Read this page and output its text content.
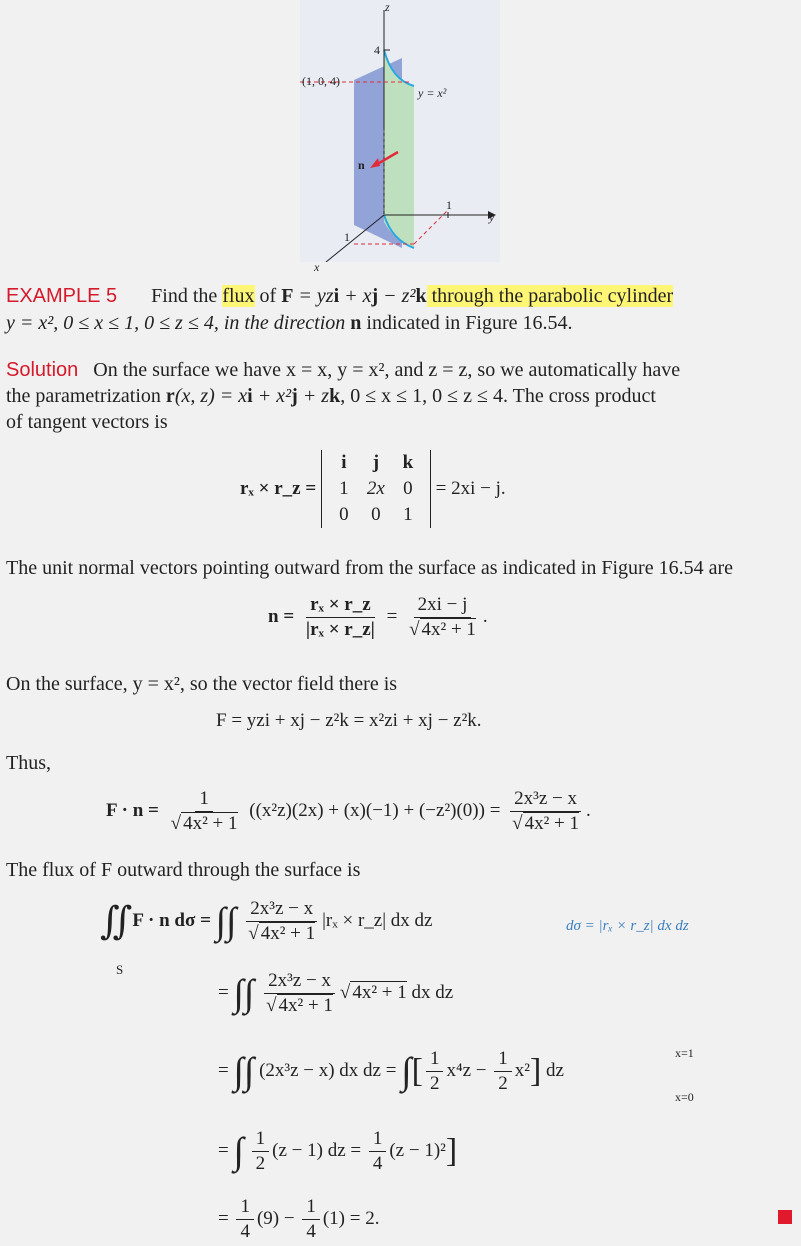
z
4
(1, 0, 4)
y = x²
n
1
1
y
x
EXAMPLE 5 Find the flux of F = yzi + xj − z²k through the parabolic cylinder
y = x², 0 ≤ x ≤ 1, 0 ≤ z ≤ 4, in the direction n indicated in Figure 16.54.
Solution On the surface we have x = x, y = x², and z = z, so we automatically have
the parametrization r(x, z) = xi + x²j + zk, 0 ≤ x ≤ 1, 0 ≤ z ≤ 4. The cross product
of tangent vectors is
rₓ × r_z =
i	j	k
1	2x	0
0	0	1
= 2xi − j.
The unit normal vectors pointing outward from the surface as indicated in Figure 16.54 are
$n = \frac{\text{rₓ × r\_z}}{\text{|rₓ × r\_z|}} = \frac{2xi - j}{\text{√ 4x² + 1}}$ .
On the surface, y = x², so the vector field there is
F = yzi + xj − z²k = x²zi + xj − z²k.
Thus,
$F \cdot n = \frac{1}{\text{√ 4x² + 1}} ((x^2z)(2x) + (x)(-1) + (-z^2)(0)) = \frac{\text{2x³z − x}}{\text{√ 4x² + 1}}$ .
The flux of F outward through the surface is
∬F · n dσ = ∫∫ $\frac{\text{2x³z − x}}{\text{√ 4x² + 1}} |r_x$ × r_z| dx dz
S
dσ = |rₓ × r_z| dx dz
= ∫∫ $\frac{\text{2x³z − x}}{\text{√ 4x² + 1}}$ √ 4x² + 1 dx dz
= ∫∫ (2x³z − x) dx dz = ∫[ $\frac{1}{2} x^4z - \frac{1}{2} x^2$] dz
x=1
x=0
= ∫ $\frac{1}{2} (z - 1)$ dz = $\frac{1}{4} (z - 1)^2$]
= $\frac{1}{4} (9) - \frac{1}{4} (1) = 2$.
